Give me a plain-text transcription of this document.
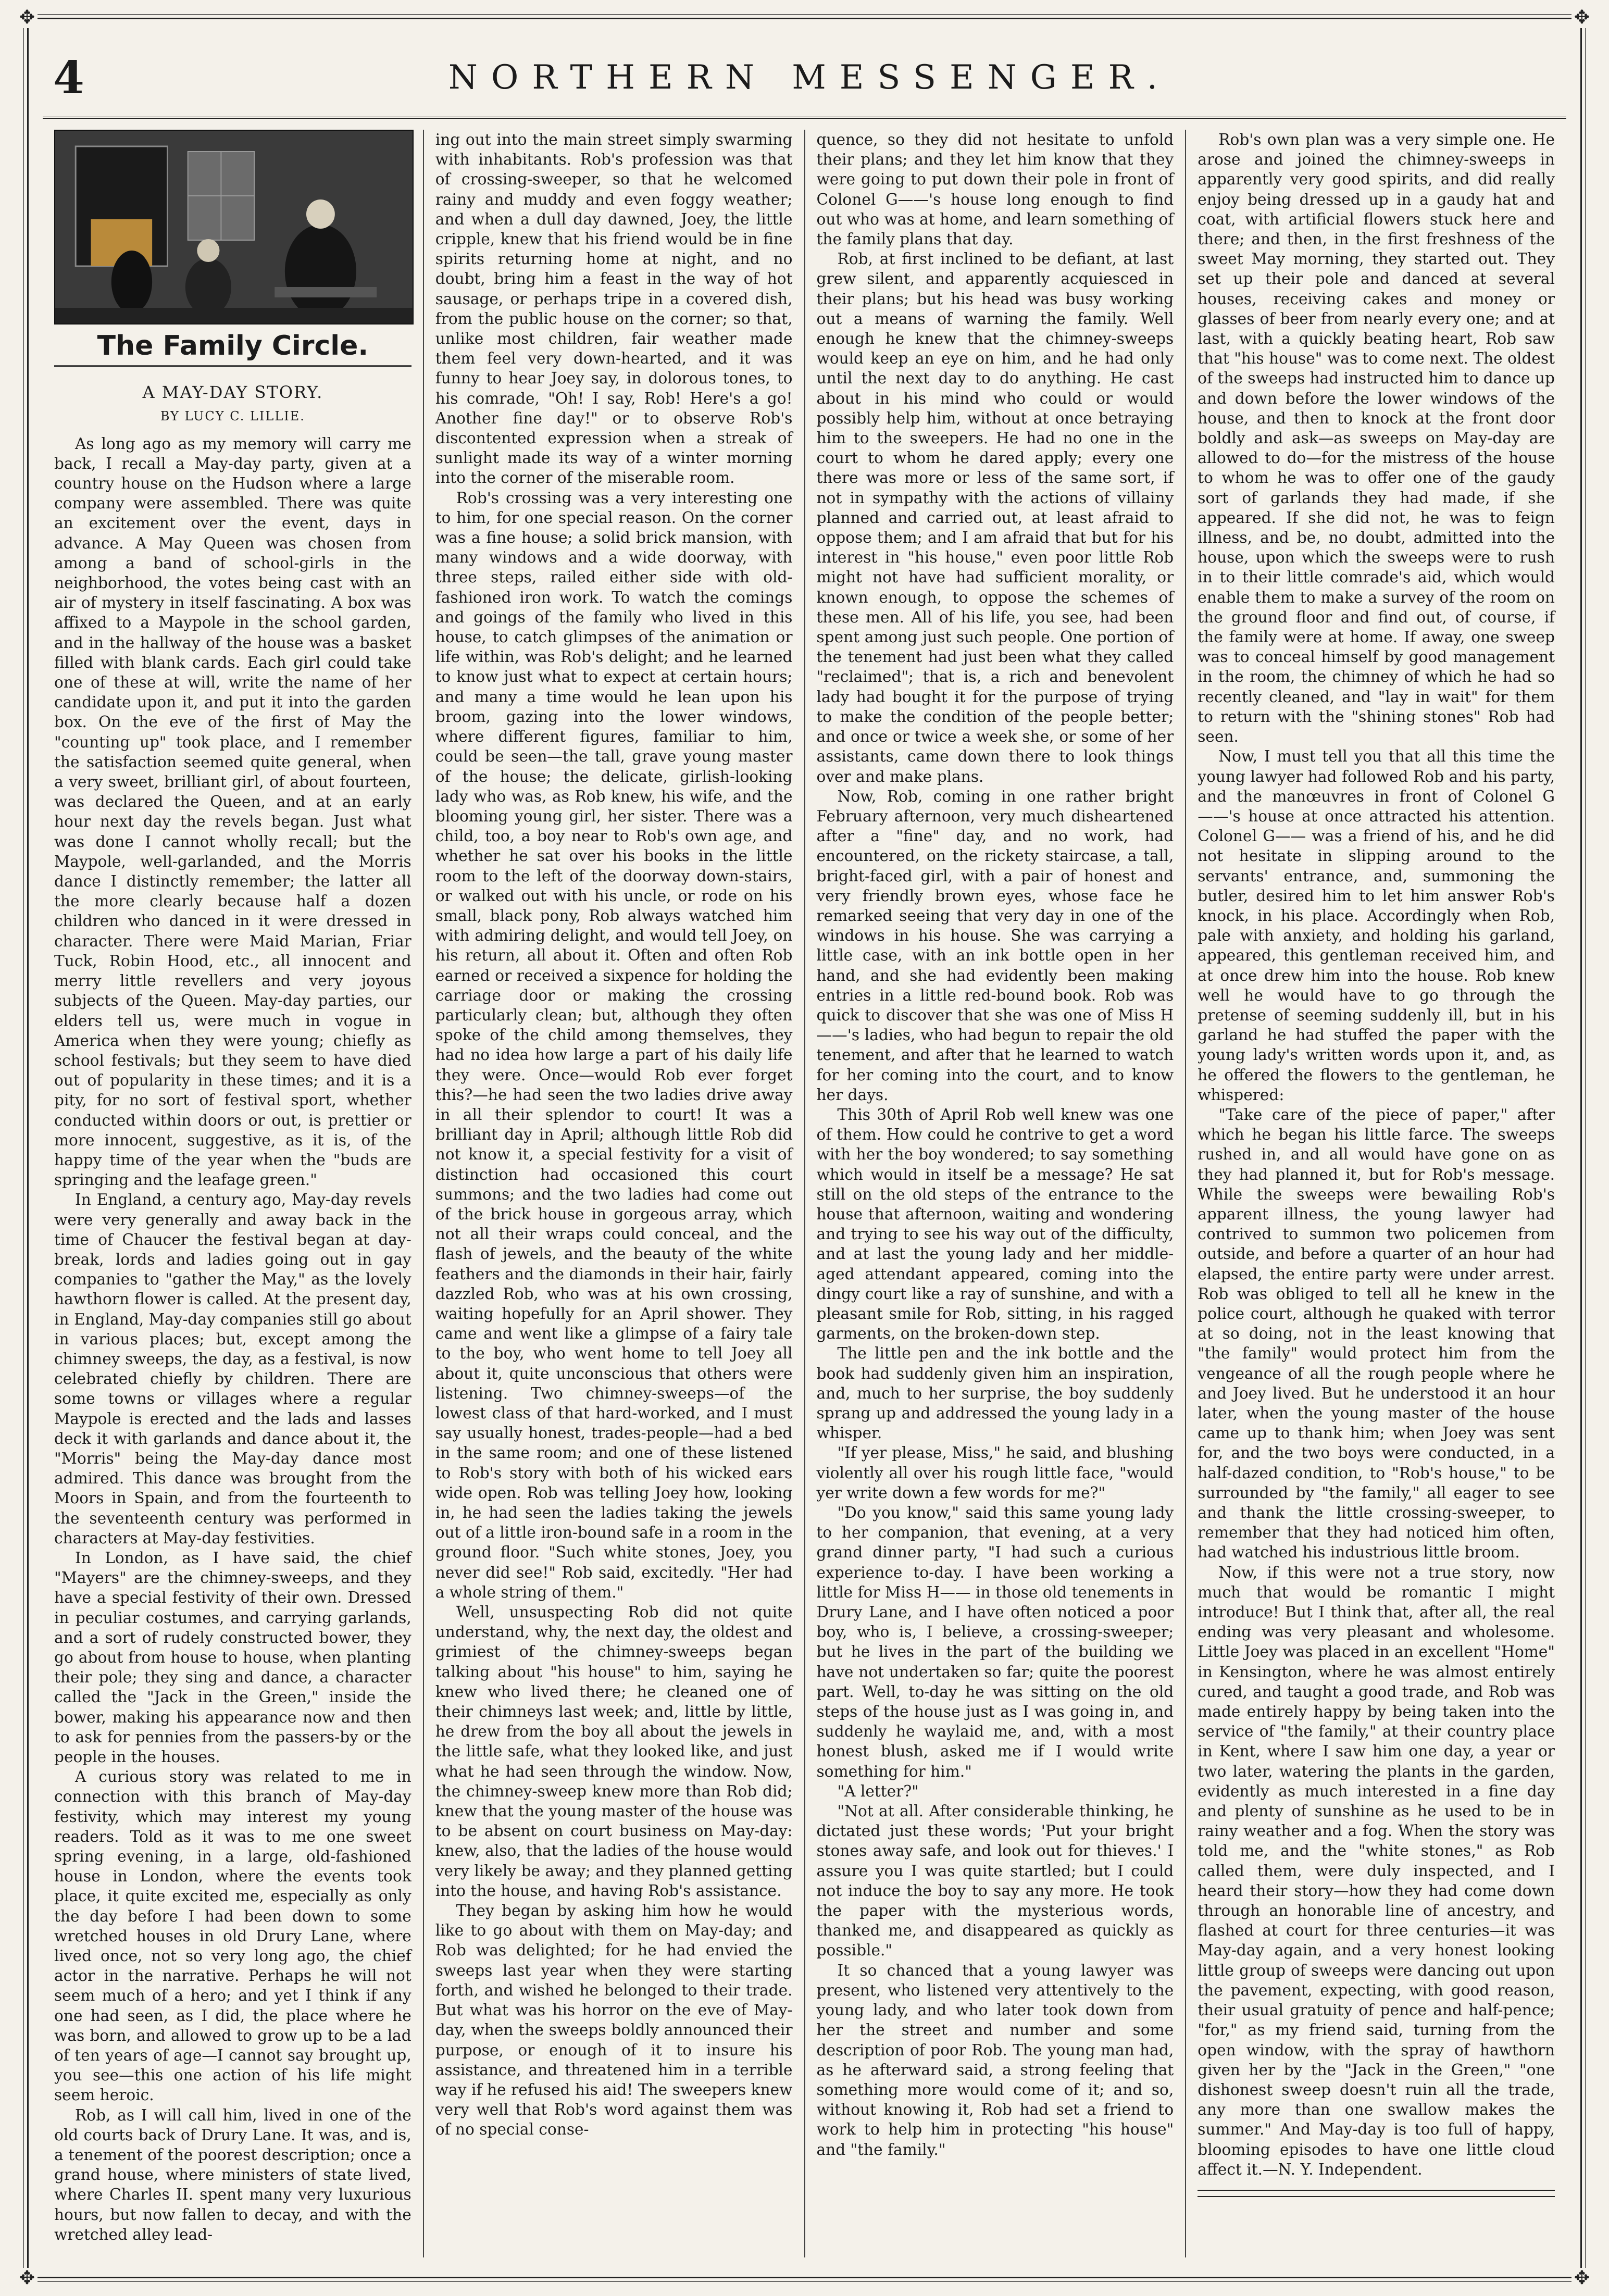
✥	✥
✥	✥
4	NORTHERN MESSENGER.
The Family Circle.
A MAY-DAY STORY.
BY LUCY C. LILLIE.

As long ago as my memory will carry me back, I recall a May-day party, given at a country house on the Hudson where a large company were assembled. There was quite an excitement over the event, days in advance. A May Queen was chosen from among a band of school-girls in the neighborhood, the votes being cast with an air of mystery in itself fascinating. A box was affixed to a Maypole in the school garden, and in the hallway of the house was a basket filled with blank cards. Each girl could take one of these at will, write the name of her candidate upon it, and put it into the garden box. On the eve of the first of May the "counting up" took place, and I remember the satisfaction seemed quite general, when a very sweet, brilliant girl, of about fourteen, was declared the Queen, and at an early hour next day the revels began. Just what was done I cannot wholly recall; but the Maypole, well-garlanded, and the Morris dance I distinctly remember; the latter all the more clearly because half a dozen children who danced in it were dressed in character. There were Maid Marian, Friar Tuck, Robin Hood, etc., all innocent and merry little revellers and very joyous subjects of the Queen. May-day parties, our elders tell us, were much in vogue in America when they were young; chiefly as school festivals; but they seem to have died out of popularity in these times; and it is a pity, for no sort of festival sport, whether conducted within doors or out, is prettier or more innocent, suggestive, as it is, of the happy time of the year when the "buds are springing and the leafage green."

In England, a century ago, May-day revels were very generally and away back in the time of Chaucer the festival began at day-break, lords and ladies going out in gay companies to "gather the May," as the lovely hawthorn flower is called. At the present day, in England, May-day companies still go about in various places; but, except among the chimney sweeps, the day, as a festival, is now celebrated chiefly by children. There are some towns or villages where a regular Maypole is erected and the lads and lasses deck it with garlands and dance about it, the "Morris" being the May-day dance most admired. This dance was brought from the Moors in Spain, and from the fourteenth to the seventeenth century was performed in characters at May-day festivities.

In London, as I have said, the chief "Mayers" are the chimney-sweeps, and they have a special festivity of their own. Dressed in peculiar costumes, and carrying garlands, and a sort of rudely constructed bower, they go about from house to house, when planting their pole; they sing and dance, a character called the "Jack in the Green," inside the bower, making his appearance now and then to ask for pennies from the passers-by or the people in the houses.

A curious story was related to me in connection with this branch of May-day festivity, which may interest my young readers. Told as it was to me one sweet spring evening, in a large, old-fashioned house in London, where the events took place, it quite excited me, especially as only the day before I had been down to some wretched houses in old Drury Lane, where lived once, not so very long ago, the chief actor in the narrative. Perhaps he will not seem much of a hero; and yet I think if any one had seen, as I did, the place where he was born, and allowed to grow up to be a lad of ten years of age—I cannot say brought up, you see—this one action of his life might seem heroic.

Rob, as I will call him, lived in one of the old courts back of Drury Lane. It was, and is, a tenement of the poorest description; once a grand house, where ministers of state lived, where Charles II. spent many very luxurious hours, but now fallen to decay, and with the wretched alley lead-

ing out into the main street simply swarming with inhabitants. Rob's profession was that of crossing-sweeper, so that he welcomed rainy and muddy and even foggy weather; and when a dull day dawned, Joey, the little cripple, knew that his friend would be in fine spirits returning home at night, and no doubt, bring him a feast in the way of hot sausage, or perhaps tripe in a covered dish, from the public house on the corner; so that, unlike most children, fair weather made them feel very down-hearted, and it was funny to hear Joey say, in dolorous tones, to his comrade, "Oh! I say, Rob! Here's a go! Another fine day!" or to observe Rob's discontented expression when a streak of sunlight made its way of a winter morning into the corner of the miserable room.

Rob's crossing was a very interesting one to him, for one special reason. On the corner was a fine house; a solid brick mansion, with many windows and a wide doorway, with three steps, railed either side with old-fashioned iron work. To watch the comings and goings of the family who lived in this house, to catch glimpses of the animation or life within, was Rob's delight; and he learned to know just what to expect at certain hours; and many a time would he lean upon his broom, gazing into the lower windows, where different figures, familiar to him, could be seen—the tall, grave young master of the house; the delicate, girlish-looking lady who was, as Rob knew, his wife, and the blooming young girl, her sister. There was a child, too, a boy near to Rob's own age, and whether he sat over his books in the little room to the left of the doorway down-stairs, or walked out with his uncle, or rode on his small, black pony, Rob always watched him with admiring delight, and would tell Joey, on his return, all about it. Often and often Rob earned or received a sixpence for holding the carriage door or making the crossing particularly clean; but, although they often spoke of the child among themselves, they had no idea how large a part of his daily life they were. Once—would Rob ever forget this?—he had seen the two ladies drive away in all their splendor to court! It was a brilliant day in April; although little Rob did not know it, a special festivity for a visit of distinction had occasioned this court summons; and the two ladies had come out of the brick house in gorgeous array, which not all their wraps could conceal, and the flash of jewels, and the beauty of the white feathers and the diamonds in their hair, fairly dazzled Rob, who was at his own crossing, waiting hopefully for an April shower. They came and went like a glimpse of a fairy tale to the boy, who went home to tell Joey all about it, quite unconscious that others were listening. Two chimney-sweeps—of the lowest class of that hard-worked, and I must say usually honest, trades-people—had a bed in the same room; and one of these listened to Rob's story with both of his wicked ears wide open. Rob was telling Joey how, looking in, he had seen the ladies taking the jewels out of a little iron-bound safe in a room in the ground floor. "Such white stones, Joey, you never did see!" Rob said, excitedly. "Her had a whole string of them."

Well, unsuspecting Rob did not quite understand, why, the next day, the oldest and grimiest of the chimney-sweeps began talking about "his house" to him, saying he knew who lived there; he cleaned one of their chimneys last week; and, little by little, he drew from the boy all about the jewels in the little safe, what they looked like, and just what he had seen through the window. Now, the chimney-sweep knew more than Rob did; knew that the young master of the house was to be absent on court business on May-day: knew, also, that the ladies of the house would very likely be away; and they planned getting into the house, and having Rob's assistance.

They began by asking him how he would like to go about with them on May-day; and Rob was delighted; for he had envied the sweeps last year when they were starting forth, and wished he belonged to their trade. But what was his horror on the eve of May-day, when the sweeps boldly announced their purpose, or enough of it to insure his assistance, and threatened him in a terrible way if he refused his aid! The sweepers knew very well that Rob's word against them was of no special conse-

quence, so they did not hesitate to unfold their plans; and they let him know that they were going to put down their pole in front of Colonel G——'s house long enough to find out who was at home, and learn something of the family plans that day.

Rob, at first inclined to be defiant, at last grew silent, and apparently acquiesced in their plans; but his head was busy working out a means of warning the family. Well enough he knew that the chimney-sweeps would keep an eye on him, and he had only until the next day to do anything. He cast about in his mind who could or would possibly help him, without at once betraying him to the sweepers. He had no one in the court to whom he dared apply; every one there was more or less of the same sort, if not in sympathy with the actions of villainy planned and carried out, at least afraid to oppose them; and I am afraid that but for his interest in "his house," even poor little Rob might not have had sufficient morality, or known enough, to oppose the schemes of these men. All of his life, you see, had been spent among just such people. One portion of the tenement had just been what they called "reclaimed"; that is, a rich and benevolent lady had bought it for the purpose of trying to make the condition of the people better; and once or twice a week she, or some of her assistants, came down there to look things over and make plans.

Now, Rob, coming in one rather bright February afternoon, very much disheartened after a "fine" day, and no work, had encountered, on the rickety staircase, a tall, bright-faced girl, with a pair of honest and very friendly brown eyes, whose face he remarked seeing that very day in one of the windows in his house. She was carrying a little case, with an ink bottle open in her hand, and she had evidently been making entries in a little red-bound book. Rob was quick to discover that she was one of Miss H——'s ladies, who had begun to repair the old tenement, and after that he learned to watch for her coming into the court, and to know her days.

This 30th of April Rob well knew was one of them. How could he contrive to get a word with her the boy wondered; to say something which would in itself be a message? He sat still on the old steps of the entrance to the house that afternoon, waiting and wondering and trying to see his way out of the difficulty, and at last the young lady and her middle-aged attendant appeared, coming into the dingy court like a ray of sunshine, and with a pleasant smile for Rob, sitting, in his ragged garments, on the broken-down step.

The little pen and the ink bottle and the book had suddenly given him an inspiration, and, much to her surprise, the boy suddenly sprang up and addressed the young lady in a whisper.

"If yer please, Miss," he said, and blushing violently all over his rough little face, "would yer write down a few words for me?"

"Do you know," said this same young lady to her companion, that evening, at a very grand dinner party, "I had such a curious experience to-day. I have been working a little for Miss H—— in those old tenements in Drury Lane, and I have often noticed a poor boy, who is, I believe, a crossing-sweeper; but he lives in the part of the building we have not undertaken so far; quite the poorest part. Well, to-day he was sitting on the old steps of the house just as I was going in, and suddenly he waylaid me, and, with a most honest blush, asked me if I would write something for him."

"A letter?"

"Not at all. After considerable thinking, he dictated just these words; 'Put your bright stones away safe, and look out for thieves.' I assure you I was quite startled; but I could not induce the boy to say any more. He took the paper with the mysterious words, thanked me, and disappeared as quickly as possible."

It so chanced that a young lawyer was present, who listened very attentively to the young lady, and who later took down from her the street and number and some description of poor Rob. The young man had, as he afterward said, a strong feeling that something more would come of it; and so, without knowing it, Rob had set a friend to work to help him in protecting "his house" and "the family."

Rob's own plan was a very simple one. He arose and joined the chimney-sweeps in apparently very good spirits, and did really enjoy being dressed up in a gaudy hat and coat, with artificial flowers stuck here and there; and then, in the first freshness of the sweet May morning, they started out. They set up their pole and danced at several houses, receiving cakes and money or glasses of beer from nearly every one; and at last, with a quickly beating heart, Rob saw that "his house" was to come next. The oldest of the sweeps had instructed him to dance up and down before the lower windows of the house, and then to knock at the front door boldly and ask—as sweeps on May-day are allowed to do—for the mistress of the house to whom he was to offer one of the gaudy sort of garlands they had made, if she appeared. If she did not, he was to feign illness, and be, no doubt, admitted into the house, upon which the sweeps were to rush in to their little comrade's aid, which would enable them to make a survey of the room on the ground floor and find out, of course, if the family were at home. If away, one sweep was to conceal himself by good management in the room, the chimney of which he had so recently cleaned, and "lay in wait" for them to return with the "shining stones" Rob had seen.

Now, I must tell you that all this time the young lawyer had followed Rob and his party, and the manœuvres in front of Colonel G——'s house at once attracted his attention. Colonel G—— was a friend of his, and he did not hesitate in slipping around to the servants' entrance, and, summoning the butler, desired him to let him answer Rob's knock, in his place. Accordingly when Rob, pale with anxiety, and holding his garland, appeared, this gentleman received him, and at once drew him into the house. Rob knew well he would have to go through the pretense of seeming suddenly ill, but in his garland he had stuffed the paper with the young lady's written words upon it, and, as he offered the flowers to the gentleman, he whispered:

"Take care of the piece of paper," after which he began his little farce. The sweeps rushed in, and all would have gone on as they had planned it, but for Rob's message. While the sweeps were bewailing Rob's apparent illness, the young lawyer had contrived to summon two policemen from outside, and before a quarter of an hour had elapsed, the entire party were under arrest. Rob was obliged to tell all he knew in the police court, although he quaked with terror at so doing, not in the least knowing that "the family" would protect him from the vengeance of all the rough people where he and Joey lived. But he understood it an hour later, when the young master of the house came up to thank him; when Joey was sent for, and the two boys were conducted, in a half-dazed condition, to "Rob's house," to be surrounded by "the family," all eager to see and thank the little crossing-sweeper, to remember that they had noticed him often, had watched his industrious little broom.

Now, if this were not a true story, now much that would be romantic I might introduce! But I think that, after all, the real ending was very pleasant and wholesome. Little Joey was placed in an excellent "Home" in Kensington, where he was almost entirely cured, and taught a good trade, and Rob was made entirely happy by being taken into the service of "the family," at their country place in Kent, where I saw him one day, a year or two later, watering the plants in the garden, evidently as much interested in a fine day and plenty of sunshine as he used to be in rainy weather and a fog. When the story was told me, and the "white stones," as Rob called them, were duly inspected, and I heard their story—how they had come down through an honorable line of ancestry, and flashed at court for three centuries—it was May-day again, and a very honest looking little group of sweeps were dancing out upon the pavement, expecting, with good reason, their usual gratuity of pence and half-pence; "for," as my friend said, turning from the open window, with the spray of hawthorn given her by the "Jack in the Green," "one dishonest sweep doesn't ruin all the trade, any more than one swallow makes the summer." And May-day is too full of happy, blooming episodes to have one little cloud affect it.—N. Y. Independent.
